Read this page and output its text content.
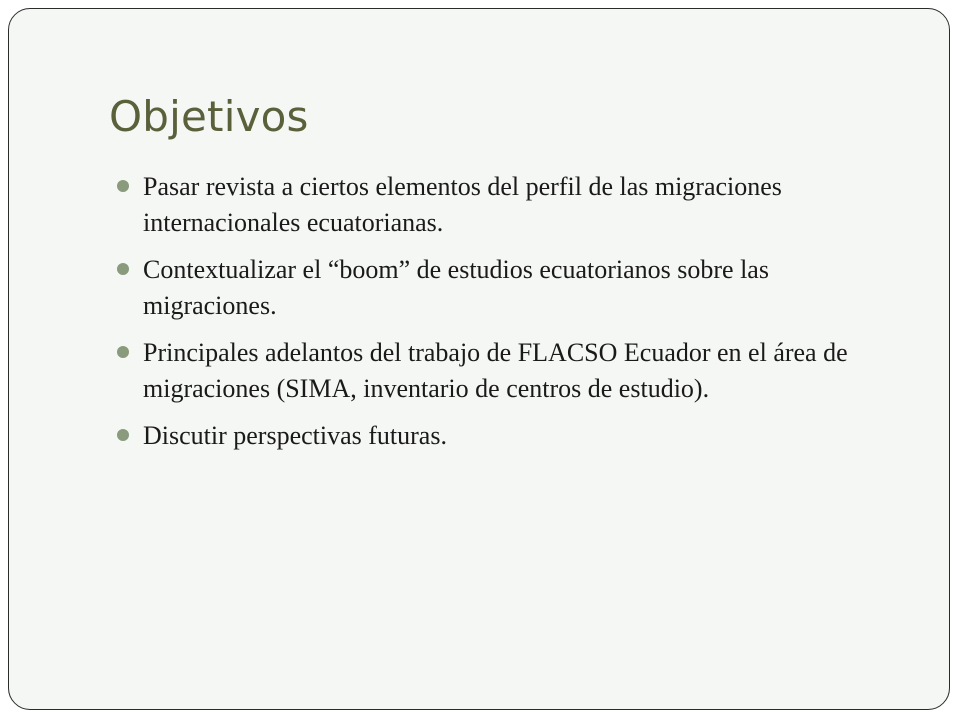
Objetivos
Pasar revista a ciertos elementos del perfil de las migraciones internacionales ecuatorianas.
Contextualizar el “boom” de estudios ecuatorianos sobre las migraciones.
Principales adelantos del trabajo de FLACSO Ecuador en el área de migraciones (SIMA, inventario de centros de estudio).
Discutir perspectivas futuras.
